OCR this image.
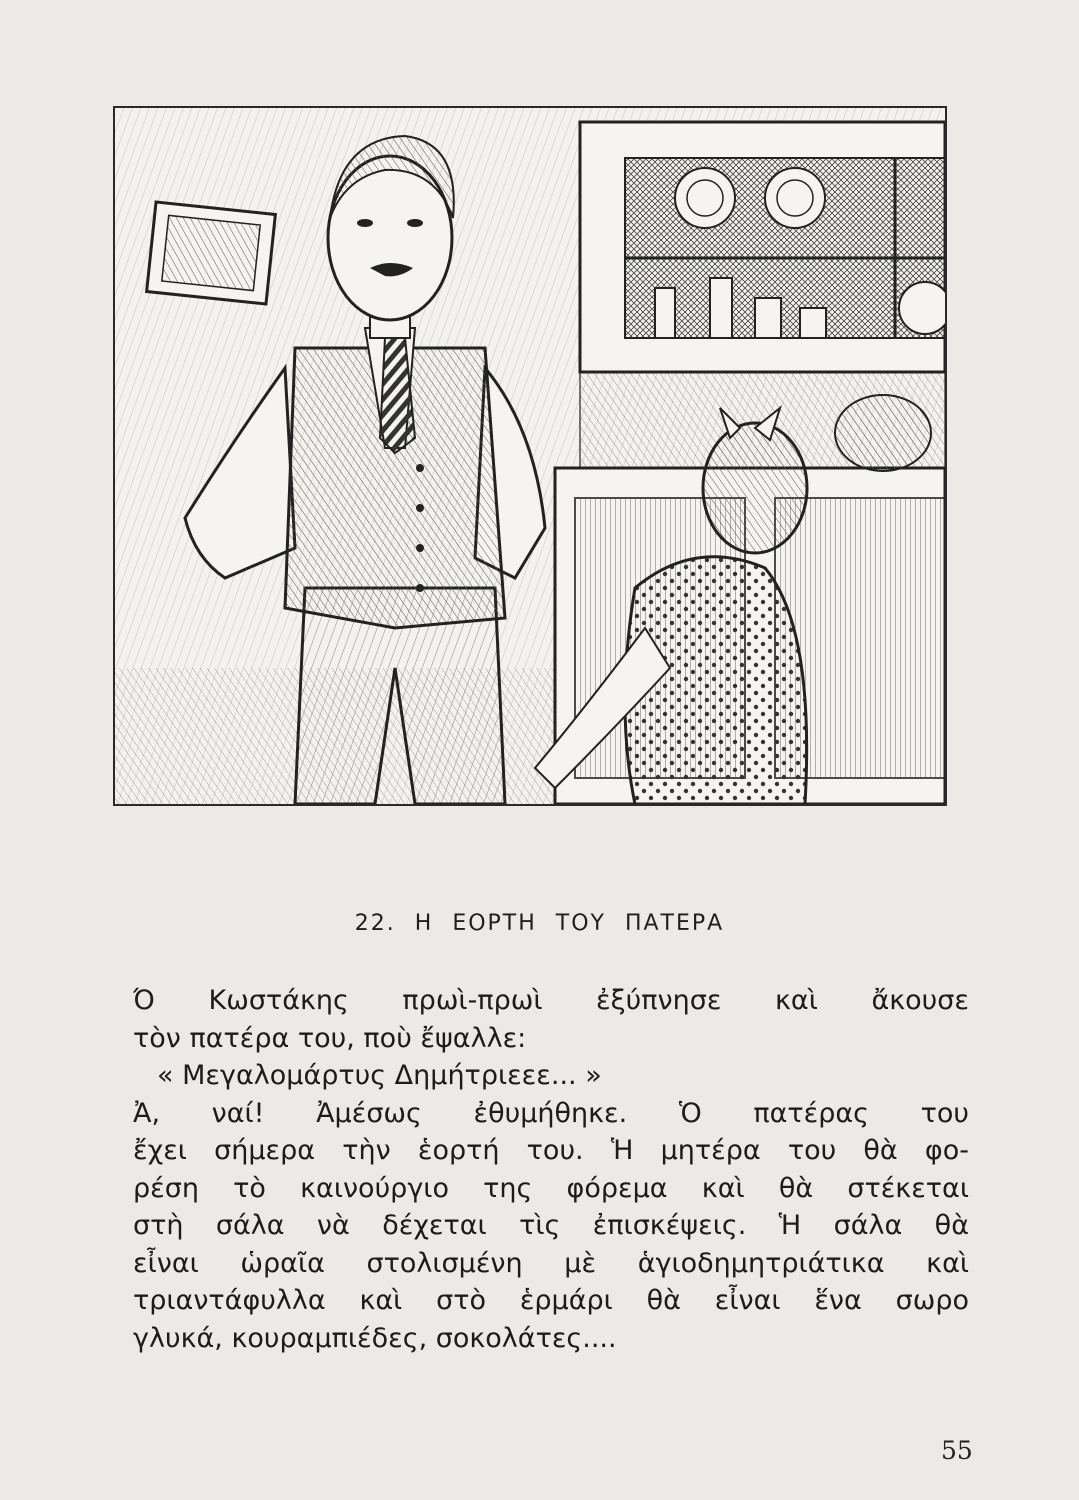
22. Η ΕΟΡΤΗ ΤΟΥ ΠΑΤΕΡΑ
Ό Κωστάκης πρωὶ-πρωὶ ἐξύπνησε καὶ ἄκουσε
τὸν πατέρα του, ποὺ ἔψαλλε:
« Μεγαλομάρτυς Δημήτριεεε... »
Ἀ, ναί! Ἀμέσως ἐθυμήθηκε. Ὁ πατέρας του
ἔχει σήμερα τὴν ἑορτή του. Ἡ μητέρα του θὰ φο-
ρέση τὸ καινούργιο της φόρεμα καὶ θὰ στέκεται
στὴ σάλα νὰ δέχεται τὶς ἐπισκέψεις. Ἡ σάλα θὰ
εἶναι ὡραῖα στολισμένη μὲ ἁγιοδημητριάτικα καὶ
τριαντάφυλλα καὶ στὸ ἑρμάρι θὰ εἶναι ἕνα σωρο
γλυκά, κουραμπιέδες, σοκολάτες....
55
